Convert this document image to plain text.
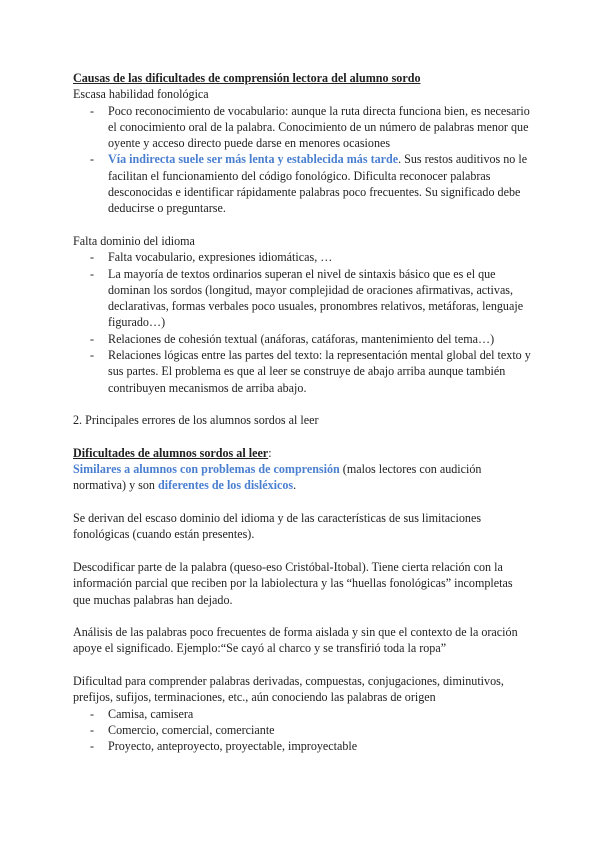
Causas de las dificultades de comprensión lectora del alumno sordo

Escasa habilidad fonológica

- Poco reconocimiento de vocabulario: aunque la ruta directa funciona bien, es necesario el conocimiento oral de la palabra. Conocimiento de un número de palabras menor que oyente y acceso directo puede darse en menores ocasiones
- Vía indirecta suele ser más lenta y establecida más tarde. Sus restos auditivos no le facilitan el funcionamiento del código fonológico. Dificulta reconocer palabras desconocidas e identificar rápidamente palabras poco frecuentes. Su significado debe deducirse o preguntarse.

Falta dominio del idioma

- Falta vocabulario, expresiones idiomáticas, …
- La mayoría de textos ordinarios superan el nivel de sintaxis básico que es el que dominan los sordos (longitud, mayor complejidad de oraciones afirmativas, activas, declarativas, formas verbales poco usuales, pronombres relativos, metáforas, lenguaje figurado…)
- Relaciones de cohesión textual (anáforas, catáforas, mantenimiento del tema…)
- Relaciones lógicas entre las partes del texto: la representación mental global del texto y sus partes. El problema es que al leer se construye de abajo arriba aunque también contribuyen mecanismos de arriba abajo.

2. Principales errores de los alumnos sordos al leer

Dificultades de alumnos sordos al leer:

Similares a alumnos con problemas de comprensión (malos lectores con audición normativa) y son diferentes de los disléxicos.

Se derivan del escaso dominio del idioma y de las características de sus limitaciones fonológicas (cuando están presentes).

Descodificar parte de la palabra (queso-eso Cristóbal-Itobal). Tiene cierta relación con la información parcial que reciben por la labiolectura y las “huellas fonológicas” incompletas que muchas palabras han dejado.

Análisis de las palabras poco frecuentes de forma aislada y sin que el contexto de la oración apoye el significado. Ejemplo:“Se cayó al charco y se transfirió toda la ropa”

Dificultad para comprender palabras derivadas, compuestas, conjugaciones, diminutivos, prefijos, sufijos, terminaciones, etc., aún conociendo las palabras de origen

- Camisa, camisera
- Comercio, comercial, comerciante
- Proyecto, anteproyecto, proyectable, improyectable
